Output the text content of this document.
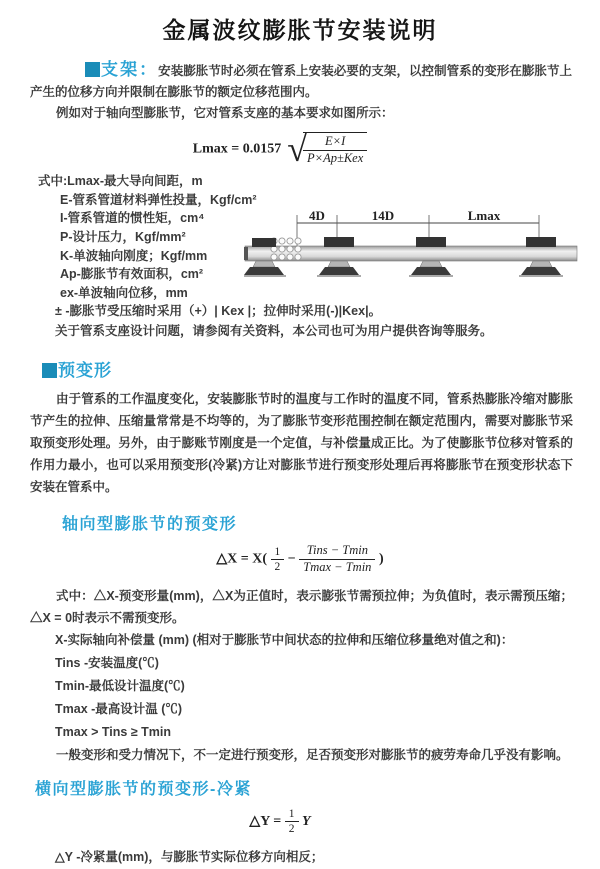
金属波纹膨胀节安装说明

支架：安装膨胀节时必须在管系上安装必要的支架，以控制管系的变形在膨胀节上产生的位移方向并限制在膨胀节的额定位移范围内。

例如对于轴向型膨胀节，它对管系支座的基本要求如图所示：

Lmax = 0.0157 √
$\frac{E\times I}{\text{P×Ap±Kex}}$

式中:Lmax-最大导向间距，m

E-管系管道材料弹性投量，Kgf/cm²

I-管系管道的惯性矩，cm⁴

P-设计压力，Kgf/mm²

K-单波轴向刚度；Kgf/mm

Ap-膨胀节有效面积，cm²

ex-单波轴向位移，mm

± -膨胀节受压缩时采用（+）| Kex |；拉伸时采用(-)|Kex|。

关于管系支座设计问题，请参阅有关资料，本公司也可为用户提供咨询等服务。

4D	14D	Lmax
预变形

由于管系的工作温度变化，安装膨胀节时的温度与工作时的温度不同，管系热膨胀冷缩对膨胀节产生的拉伸、压缩量常常是不均等的，为了膨胀节变形范围控制在额定范围内，需要对膨胀节采取预变形处理。另外，由于膨账节刚度是一个定值，与补偿量成正比。为了使膨胀节位移对管系的作用力最小，也可以采用预变形(冷紧)方让对膨胀节进行预变形处理后再将膨胀节在预变形状态下安装在管系中。

轴向型膨胀节的预变形
△X = $X( \frac{1}{2} - \frac{\text{Tins − Tmin}}{Tmax - Tmin}$ )

式中：△X-预变形量(mm)，△X为正值时，表示膨张节需预拉伸；为负值时，表示需预压缩；△X = 0时表示不需预变形。

X-实际轴向补偿量 (mm) (相对于膨胀节中间状态的拉伸和压缩位移量绝对值之和)：

Tins -安装温度(℃)

Tmin-最低设计温度(℃)

Tmax -最高设计温 (℃)

Tmax > Tins ≥ Tmin

一般变形和受力情况下，不一定进行预变形，足否预变形对膨胀节的疲劳寿命几乎没有影响。

横向型膨胀节的预变形-冷紧
△Y = $\frac{1}{2}$ Y

△Y -冷紧量(mm)，与膨胀节实际位移方向相反；
